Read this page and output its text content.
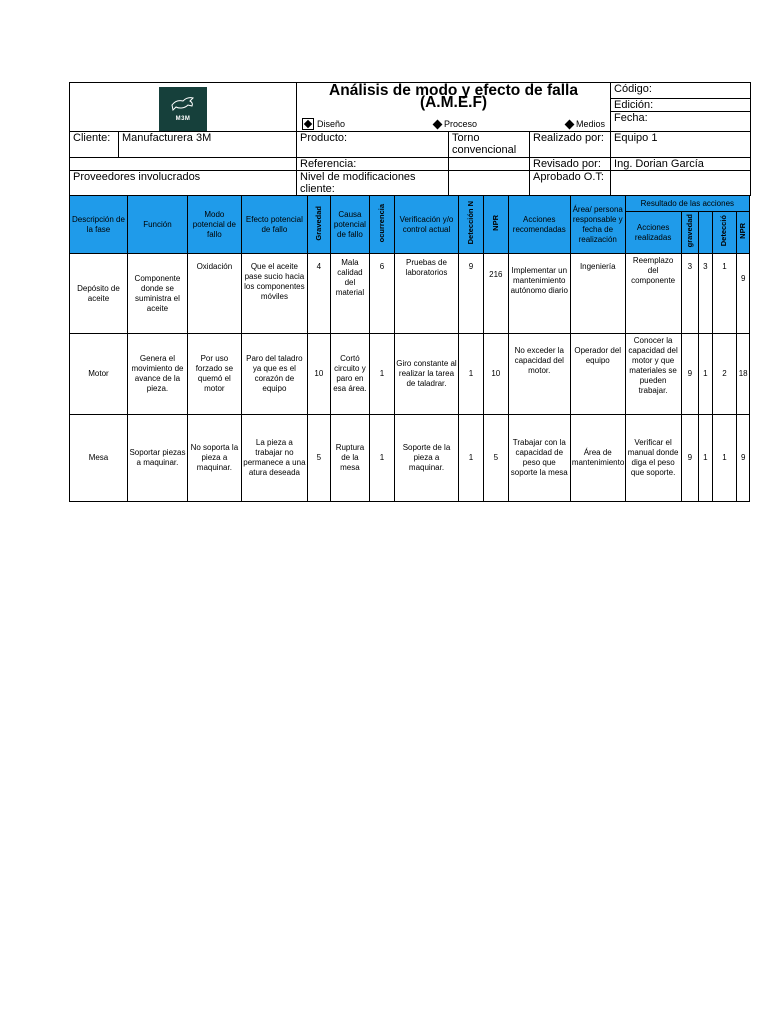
M3M		Análisis de modo y efecto de falla (A.M.E.F)
Diseño Proceso Medios			Código:
					Edición:
					Fecha:
Cliente:	Manufacturera 3M	Producto:	Torno convencional	Realizado por:	Equipo 1
		Referencia:		Revisado por:	Ing. Dorian García
Proveedores involucrados		Nivel de modificaciones cliente:		Aprobado O.T:	
Descripción de la fase	Función	Modo potencial de fallo	Efecto potencial de fallo	Gravedad	Causa potencial de fallo	ocurrencia	Verificación y/o control actual	Detección N	NPR	Acciones recomendadas	Área/ persona responsable y fecha de realización	Resultado de las acciones				
												Acciones realizadas	gravedad		Detecció	NPR
Depósito de aceite	Componente donde se suministra el aceite	Oxidación	Que el aceite pase sucio hacia los componentes móviles	4	Mala calidad del material	6	Pruebas de laboratorios	9	216	Implementar un mantenimiento autónomo diario	Ingeniería	Reemplazo del componente	3	3	1	9
Motor	Genera el movimiento de avance de la pieza.	Por uso forzado se quemó el motor	Paro del taladro ya que es el corazón de equipo	10	Cortó circuito y paro en esa área.	1	Giro constante al realizar la tarea de taladrar.	1	10	No exceder la capacidad del motor.	Operador del equipo	Conocer la capacidad del motor y que materiales se pueden trabajar.	9	1	2	18
Mesa	Soportar piezas a maquinar.	No soporta la pieza a maquinar.	La pieza a trabajar no permanece a una atura deseada	5	Ruptura de la mesa	1	Soporte de la pieza a maquinar.	1	5	Trabajar con la capacidad de peso que soporte la mesa	Área de mantenimiento	Verificar el manual donde diga el peso que soporte.	9	1	1	9
